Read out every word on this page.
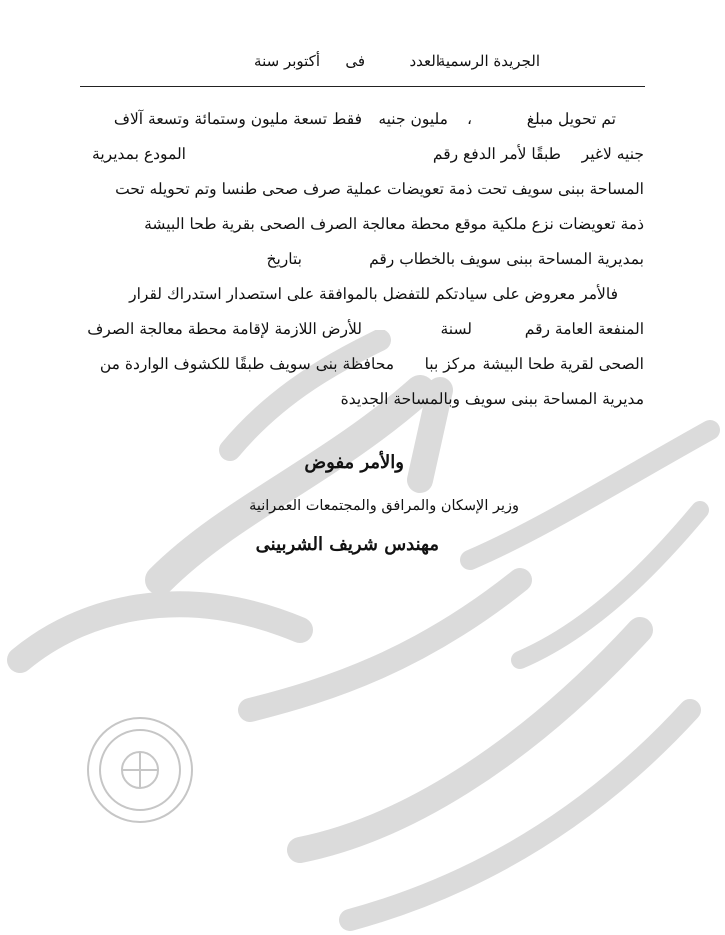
الجريدة الرسمية
العدد
فى
أكتوبر سنة
تم تحويل مبلغ
،
مليون جنيه
فقط تسعة مليون وستمائة وتسعة آلاف
جنيه لاغير
طبقًا لأمر الدفع رقم
المودع بمديرية
المساحة ببنى سويف تحت ذمة تعويضات عملية صرف صحى طنسا وتم تحويله تحت
ذمة تعويضات نزع ملكية موقع محطة معالجة الصرف الصحى بقرية طحا البيشة
بمديرية المساحة ببنى سويف بالخطاب رقم
بتاريخ
فالأمر معروض على سيادتكم للتفضل بالموافقة على استصدار استدراك لقرار
المنفعة العامة رقم
لسنة
للأرض اللازمة لإقامة محطة معالجة الصرف
الصحى لقرية طحا البيشة
مركز ببا
محافظة بنى سويف طبقًا للكشوف الواردة من
مديرية المساحة ببنى سويف وبالمساحة الجديدة
والأمر مفوض
وزير الإسكان والمرافق والمجتمعات العمرانية
مهندس شريف الشربينى
